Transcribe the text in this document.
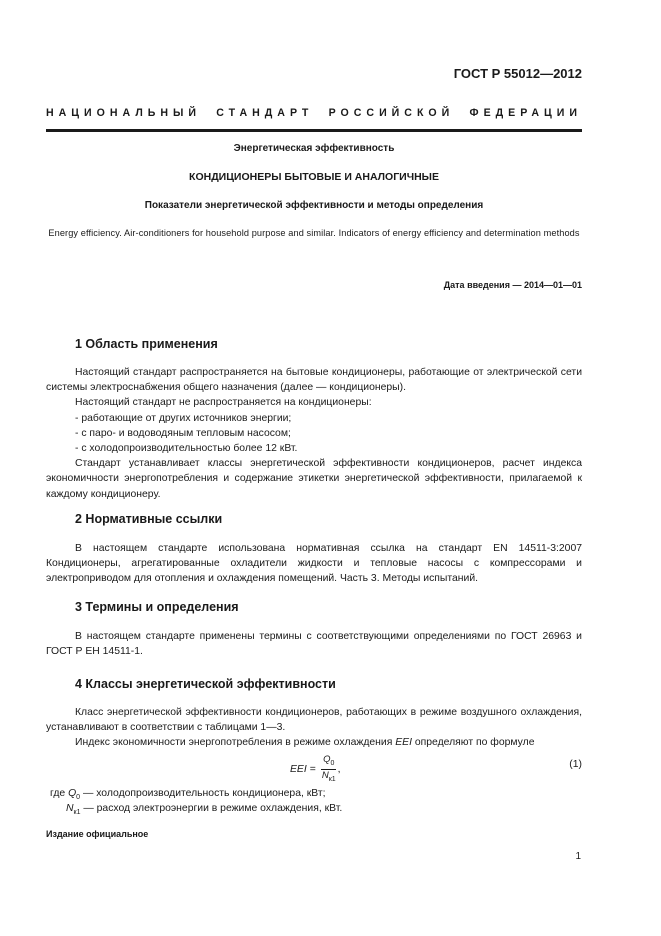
ГОСТ Р 55012—2012
НАЦИОНАЛЬНЫЙ СТАНДАРТ РОССИЙСКОЙ ФЕДЕРАЦИИ
Энергетическая эффективность
КОНДИЦИОНЕРЫ БЫТОВЫЕ И АНАЛОГИЧНЫЕ
Показатели энергетической эффективности и методы определения
Energy efficiency. Air-conditioners for household purpose and similar. Indicators of energy efficiency and determination methods
Дата введения — 2014—01—01
1 Область применения

Настоящий стандарт распространяется на бытовые кондиционеры, работающие от электрической сети системы электроснабжения общего назначения (далее — кондиционеры).

Настоящий стандарт не распространяется на кондиционеры:

- работающие от других источников энергии;

- с паро- и водоводяным тепловым насосом;

- с холодопроизводительностью более 12 кВт.

Стандарт устанавливает классы энергетической эффективности кондиционеров, расчет индекса экономичности энергопотребления и содержание этикетки энергетической эффективности, прилагаемой к каждому кондиционеру.

2 Нормативные ссылки

В настоящем стандарте использована нормативная ссылка на стандарт EN 14511-3:2007 Кондиционеры, агрегатированные охладители жидкости и тепловые насосы с компрессорами и электроприводом для отопления и охлаждения помещений. Часть 3. Методы испытаний.

3 Термины и определения

В настоящем стандарте применены термины с соответствующими определениями по ГОСТ 26963 и ГОСТ Р ЕН 14511-1.

4 Классы энергетической эффективности

Класс энергетической эффективности кондиционеров, работающих в режиме воздушного охлаждения, устанавливают в соответствии с таблицами 1—3.

Индекс экономичности энергопотребления в режиме охлаждения EEI определяют по формуле

EEI = $\frac{Q_0}{N_{к1}}$ ,	(1)
где $Q_0$ — холодопроизводительность кондиционера, кВт;
$N_{к1}$ — расход электроэнергии в режиме охлаждения, кВт.
Издание официальное
1
